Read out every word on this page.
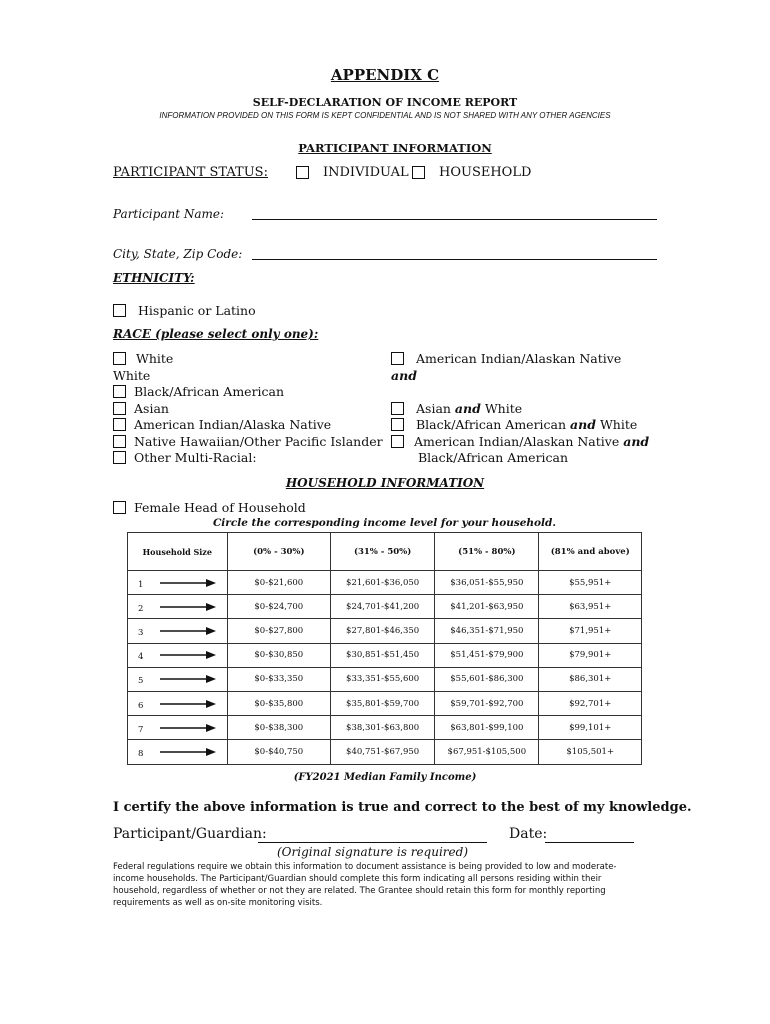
APPENDIX C
SELF-DECLARATION OF INCOME REPORT
INFORMATION PROVIDED ON THIS FORM IS KEPT CONFIDENTIAL AND IS NOT SHARED WITH ANY OTHER AGENCIES
PARTICIPANT INFORMATION
PARTICIPANT STATUS:	INDIVIDUAL HOUSEHOLD
Participant Name:
City, State, Zip Code:
ETHNICITY:
Hispanic or Latino
RACE (please select only one):
White
White
Black/African American
Asian
American Indian/Alaska Native
Native Hawaiian/Other Pacific Islander
Other Multi-Racial:
American Indian/Alaskan Native and
Asian and White
Black/African American and White
American Indian/Alaskan Native and
Black/African American
HOUSEHOLD INFORMATION
Female Head of Household
Circle the corresponding income level for your household.
Household Size	(0% - 30%)	(31% - 50%)	(51% - 80%)	(81% and above)
1	$0-$21,600	$21,601-$36,050	$36,051-$55,950	$55,951+
2	$0-$24,700	$24,701-$41,200	$41,201-$63,950	$63,951+
3	$0-$27,800	$27,801-$46,350	$46,351-$71,950	$71,951+
4	$0-$30,850	$30,851-$51,450	$51,451-$79,900	$79,901+
5	$0-$33,350	$33,351-$55,600	$55,601-$86,300	$86,301+
6	$0-$35,800	$35,801-$59,700	$59,701-$92,700	$92,701+
7	$0-$38,300	$38,301-$63,800	$63,801-$99,100	$99,101+
8	$0-$40,750	$40,751-$67,950	$67,951-$105,500	$105,501+
(FY2021 Median Family Income)
I certify the above information is true and correct to the best of my knowledge.
Participant/Guardian:	Date:
(Original signature is required)
Federal regulations require we obtain this information to document assistance is being provided to low and moderate-income households. The Participant/Guardian should complete this form indicating all persons residing within their household, regardless of whether or not they are related. The Grantee should retain this form for monthly reporting requirements as well as on-site monitoring visits.
